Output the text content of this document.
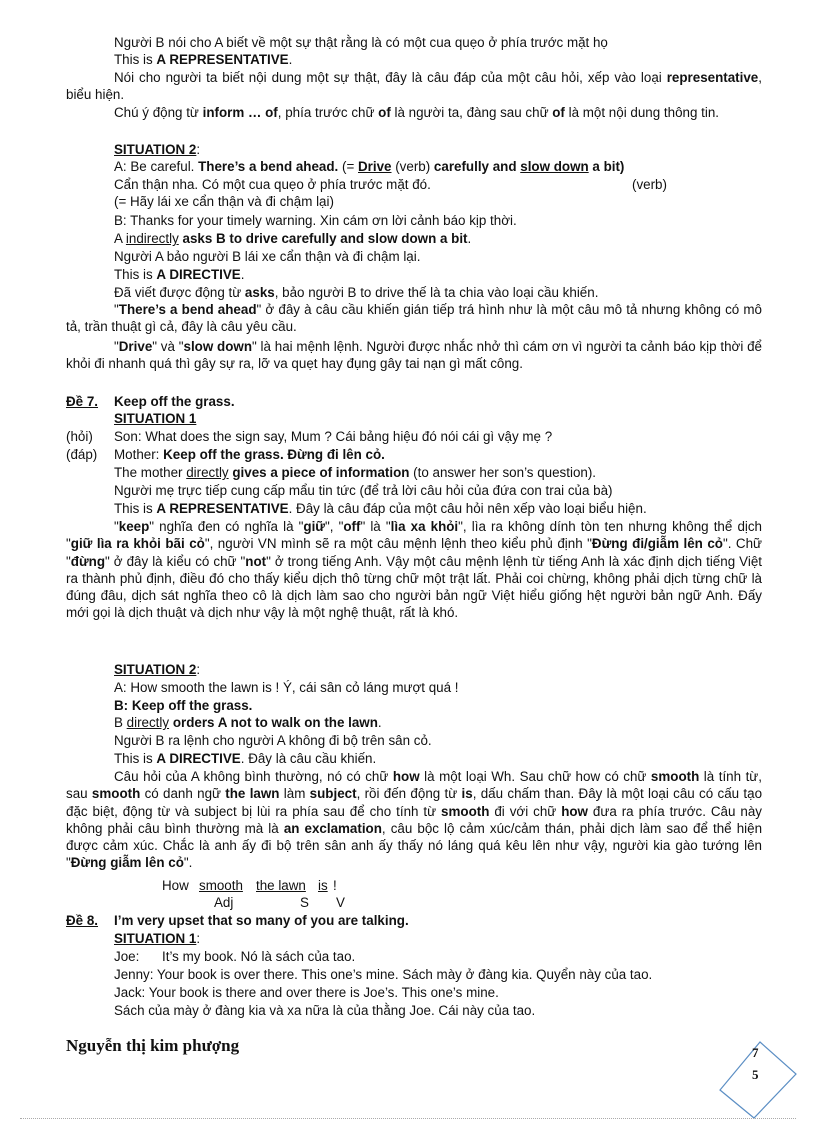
Người B nói cho A biết về một sự thật rằng là có một cua quẹo ở phía trước mặt họ
This is A REPRESENTATIVE.
Nói cho người ta biết nội dung một sự thật, đây là câu đáp của một câu hỏi, xếp vào loại representative, biểu hiện.
Chú ý động từ inform … of, phía trước chữ of là người ta, đàng sau chữ of là một nội dung thông tin.
SITUATION 2:
A: Be careful. There’s a bend ahead. (= Drive (verb) carefully and slow down a bit)
Cẩn thận nha. Có một cua quẹo ở phía trước mặt đó.	(verb)
(= Hãy lái xe cẩn thận và đi chậm lại)
B: Thanks for your timely warning. Xin cám ơn lời cảnh báo kịp thời.
A indirectly asks B to drive carefully and slow down a bit.
Người A bảo người B lái xe cẩn thận và đi chậm lại.
This is A DIRECTIVE.
Đã viết được động từ asks, bảo người B to drive thế là ta chia vào loại cầu khiến.
"There’s a bend ahead" ở đây à câu cầu khiến gián tiếp trá hình như là một câu mô tả nhưng không có mô tả, trần thuật gì cả, đây là câu yêu cầu.
"Drive" và "slow down" là hai mệnh lệnh. Người được nhắc nhở thì cám ơn vì người ta cảnh báo kịp thời để khỏi đi nhanh quá thì gây sự ra, lỡ va quẹt hay đụng gây tai nạn gì mất công.
Đề 7. Keep off the grass.
SITUATION 1
(hỏi) Son: What does the sign say, Mum ? Cái bảng hiệu đó nói cái gì vậy mẹ ?
(đáp) Mother: Keep off the grass. Đừng đi lên cỏ.
The mother directly gives a piece of information (to answer her son’s question).
Người mẹ trực tiếp cung cấp mẩu tin tức (để trả lời câu hỏi của đứa con trai của bà)
This is A REPRESENTATIVE. Đây là câu đáp của một câu hỏi nên xếp vào loại biểu hiện.
"keep" nghĩa đen có nghĩa là "giữ", "off" là "lìa xa khỏi", lìa ra không dính tòn ten nhưng không thể dịch "giữ lìa ra khỏi bãi cỏ", người VN mình sẽ ra một câu mệnh lệnh theo kiểu phủ định "Đừng đi/giẫm lên cỏ". Chữ "đừng" ở đây là kiểu có chữ "not" ở trong tiếng Anh. Vậy một câu mệnh lệnh từ tiếng Anh là xác định dịch tiếng Việt ra thành phủ định, điều đó cho thấy kiểu dịch thô từng chữ một trật lất. Phải coi chừng, không phải dịch từng chữ là đúng đâu, dịch sát nghĩa theo cô là dịch làm sao cho người bản ngữ Việt hiểu giống hệt người bản ngữ Anh. Đấy mới gọi là dịch thuật và dịch như vậy là một nghệ thuật, rất là khó.
SITUATION 2:
A: How smooth the lawn is ! Ý, cái sân cỏ láng mượt quá !
B: Keep off the grass.
B directly orders A not to walk on the lawn.
Người B ra lệnh cho người A không đi bộ trên sân cỏ.
This is A DIRECTIVE. Đây là câu cầu khiến.
Câu hỏi của A không bình thường, nó có chữ how là một loại Wh. Sau chữ how có chữ smooth là tính từ, sau smooth có danh ngữ the lawn làm subject, rồi đến động từ is, dấu chấm than. Đây là một loại câu có cấu tạo đặc biệt, động từ và subject bị lùi ra phía sau để cho tính từ smooth đi với chữ how đưa ra phía trước. Câu này không phải câu bình thường mà là an exclamation, câu bộc lộ cảm xúc/cảm thán, phải dịch làm sao để thể hiện được cảm xúc. Chắc là anh ấy đi bộ trên sân anh ấy thấy nó láng quá kêu lên như vậy, người kia gào tướng lên "Đừng giẫm lên cỏ".
How smooth the lawn is !
Adj	S V
Đề 8. I’m very upset that so many of you are talking.
SITUATION 1:
Joe: It’s my book. Nó là sách của tao.
Jenny: Your book is over there. This one’s mine. Sách mày ở đàng kia. Quyển này của tao.
Jack: Your book is there and over there is Joe’s. This one’s mine.
Sách của mày ở đàng kia và xa nữa là của thằng Joe. Cái này của tao.
Nguyễn thị kim phượng	7
5
